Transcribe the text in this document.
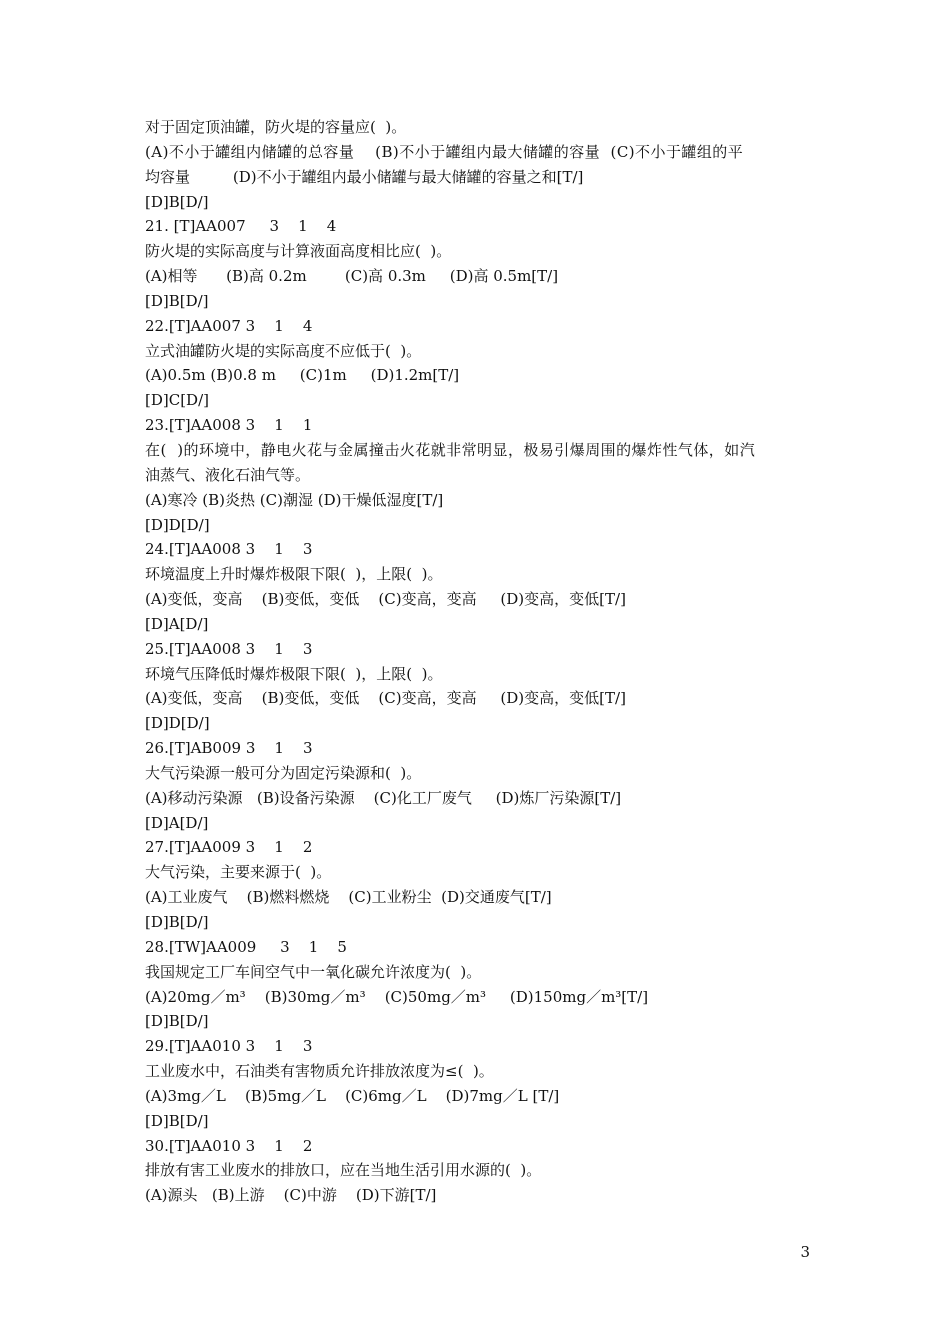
对于固定顶油罐，防火堤的容量应(  )。
(A)不小于罐组内储罐的总容量    (B)不小于罐组内最大储罐的容量  (C)不小于罐组的平
均容量         (D)不小于罐组内最小储罐与最大储罐的容量之和[T/]
[D]B[D/]
21. [T]AA007     3    1    4
防火堤的实际高度与计算液面高度相比应(  )。
(A)相等      (B)高 0.2m        (C)高 0.3m     (D)高 0.5m[T/]
[D]B[D/]
22.[T]AA007 3    1    4
立式油罐防火堤的实际高度不应低于(  )。
(A)0.5m (B)0.8 m     (C)1m     (D)1.2m[T/]
[D]C[D/]
23.[T]AA008 3    1    1
在(  )的环境中，静电火花与金属撞击火花就非常明显，极易引爆周围的爆炸性气体，如汽
油蒸气、液化石油气等。
(A)寒冷 (B)炎热 (C)潮湿 (D)干燥低湿度[T/]
[D]D[D/]
24.[T]AA008 3    1    3
环境温度上升时爆炸极限下限(  )，上限(  )。
(A)变低，变高    (B)变低，变低    (C)变高，变高     (D)变高，变低[T/]
[D]A[D/]
25.[T]AA008 3    1    3
环境气压降低时爆炸极限下限(  )，上限(  )。
(A)变低，变高    (B)变低，变低    (C)变高，变高     (D)变高，变低[T/]
[D]D[D/]
26.[T]AB009 3    1    3
大气污染源一般可分为固定污染源和(  )。
(A)移动污染源   (B)设备污染源    (C)化工厂废气     (D)炼厂污染源[T/]
[D]A[D/]
27.[T]AA009 3    1    2
大气污染，主要来源于(  )。
(A)工业废气    (B)燃料燃烧    (C)工业粉尘  (D)交通废气[T/]
[D]B[D/]
28.[TW]AA009     3    1    5
我国规定工厂车间空气中一氧化碳允许浓度为(  )。
(A)20mg／m³    (B)30mg／m³    (C)50mg／m³     (D)150mg／m³[T/]
[D]B[D/]
29.[T]AA010 3    1    3
工业废水中，石油类有害物质允许排放浓度为≤(  )。
(A)3mg／L    (B)5mg／L    (C)6mg／L    (D)7mg／L [T/]
[D]B[D/]
30.[T]AA010 3    1    2
排放有害工业废水的排放口，应在当地生活引用水源的(  )。
(A)源头   (B)上游    (C)中游    (D)下游[T/]
3
